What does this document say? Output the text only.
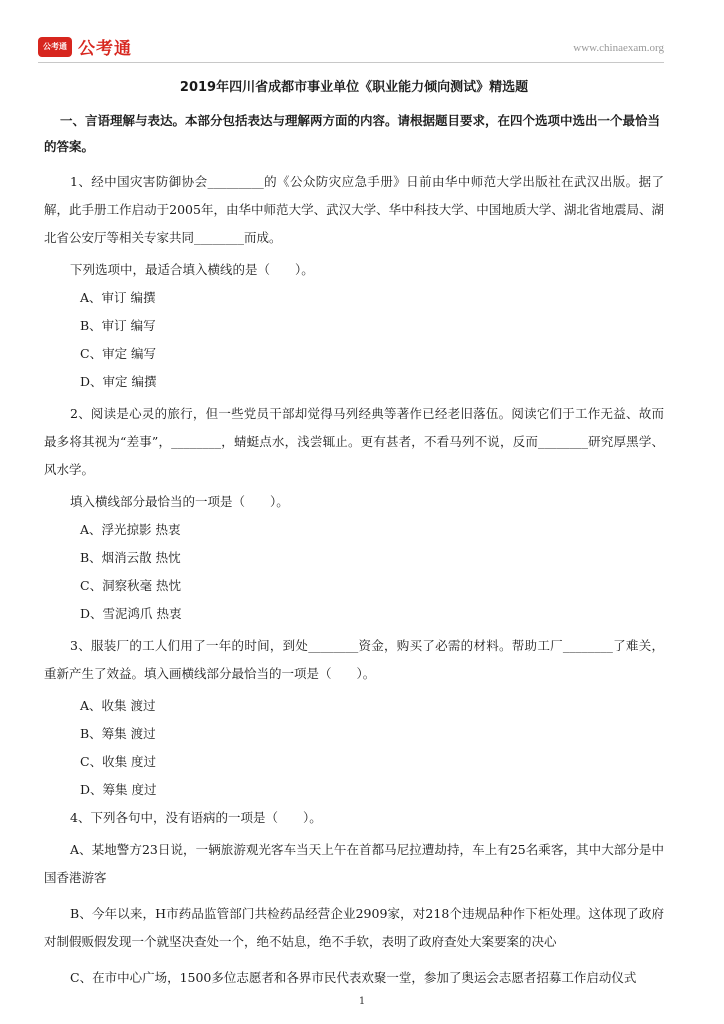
公考通 公考通	www.chinaexam.org
2019年四川省成都市事业单位《职业能力倾向测试》精选题
一、言语理解与表达。本部分包括表达与理解两方面的内容。请根据题目要求，在四个选项中选出一个最恰当的答案。
1、经中国灾害防御协会_________的《公众防灾应急手册》日前由华中师范大学出版社在武汉出版。据了解，此手册工作启动于2005年，由华中师范大学、武汉大学、华中科技大学、中国地质大学、湖北省地震局、湖北省公安厅等相关专家共同________而成。
下列选项中，最适合填入横线的是（　　）。
A、审订 编撰
B、审订 编写
C、审定 编写
D、审定 编撰
2、阅读是心灵的旅行，但一些党员干部却觉得马列经典等著作已经老旧落伍。阅读它们于工作无益、故而最多将其视为“差事”，________，蜻蜓点水，浅尝辄止。更有甚者，不看马列不说，反而________研究厚黑学、风水学。
填入横线部分最恰当的一项是（　　）。
A、浮光掠影 热衷
B、烟消云散 热忱
C、洞察秋毫 热忱
D、雪泥鸿爪 热衷
3、服装厂的工人们用了一年的时间，到处________资金，购买了必需的材料。帮助工厂________了难关，重新产生了效益。填入画横线部分最恰当的一项是（　　）。
A、收集 渡过
B、筹集 渡过
C、收集 度过
D、筹集 度过
4、下列各句中，没有语病的一项是（　　）。
A、某地警方23日说，一辆旅游观光客车当天上午在首都马尼拉遭劫持，车上有25名乘客，其中大部分是中国香港游客
B、今年以来，H市药品监管部门共检药品经营企业2909家，对218个违规品种作下柜处理。这体现了政府对制假贩假发现一个就坚决查处一个，绝不姑息，绝不手软，表明了政府查处大案要案的决心
C、在市中心广场，1500多位志愿者和各界市民代表欢聚一堂，参加了奥运会志愿者招募工作启动仪式
1
